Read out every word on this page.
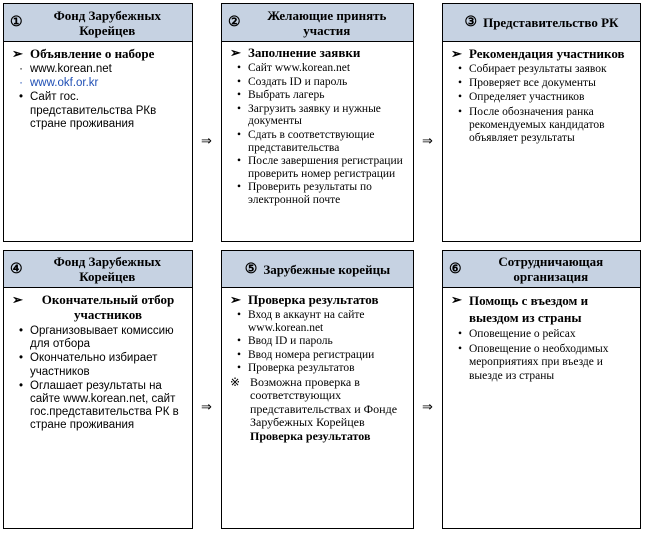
①	Фонд Зарубежных Корейцев
➢ Объявление о наборе
· www.korean.net
· www.okf.or.kr
• Сайт гос. представительства РКв стране проживания
⇒
②	Желающие принять участия
➢ Заполнение заявки
• Сайт www.korean.net
• Создать ID и пароль
• Выбрать лагерь
• Загрузить заявку и нужные документы
• Сдать в соответствующие представительства
• После завершения регистрации проверить номер регистрации
• Проверить результаты по электронной почте
⇒
③ Представительство РК
➢ Рекомендация участников
• Собирает результаты заявок
• Проверяет все документы
• Определяет участников
• После обозначения ранка рекомендуемых кандидатов объявляет результаты
④	Фонд Зарубежных Корейцев
➢	Окончательный отбор участников
• Организовывает комиссию для отбора
• Окончательно избирает участников
• Оглашает результаты на сайте www.korean.net, сайт гос.представительства РК в стране проживания
⇒
⑤ Зарубежные корейцы
➢ Проверка результатов
• Вход в аккаунт на сайте www.korean.net
• Ввод ID и пароль
• Ввод номера регистрации
• Проверка результатов
※ Возможна проверка в соответствующих представительствах и Фонде Зарубежных Корейцев Проверка результатов
⇒
⑥	Сотрудничающая организация
➢ Помощь с въездом и выездом из страны
• Оповещение о рейсах
• Оповещение о необходимых мероприятиях при въезде и выезде из страны
